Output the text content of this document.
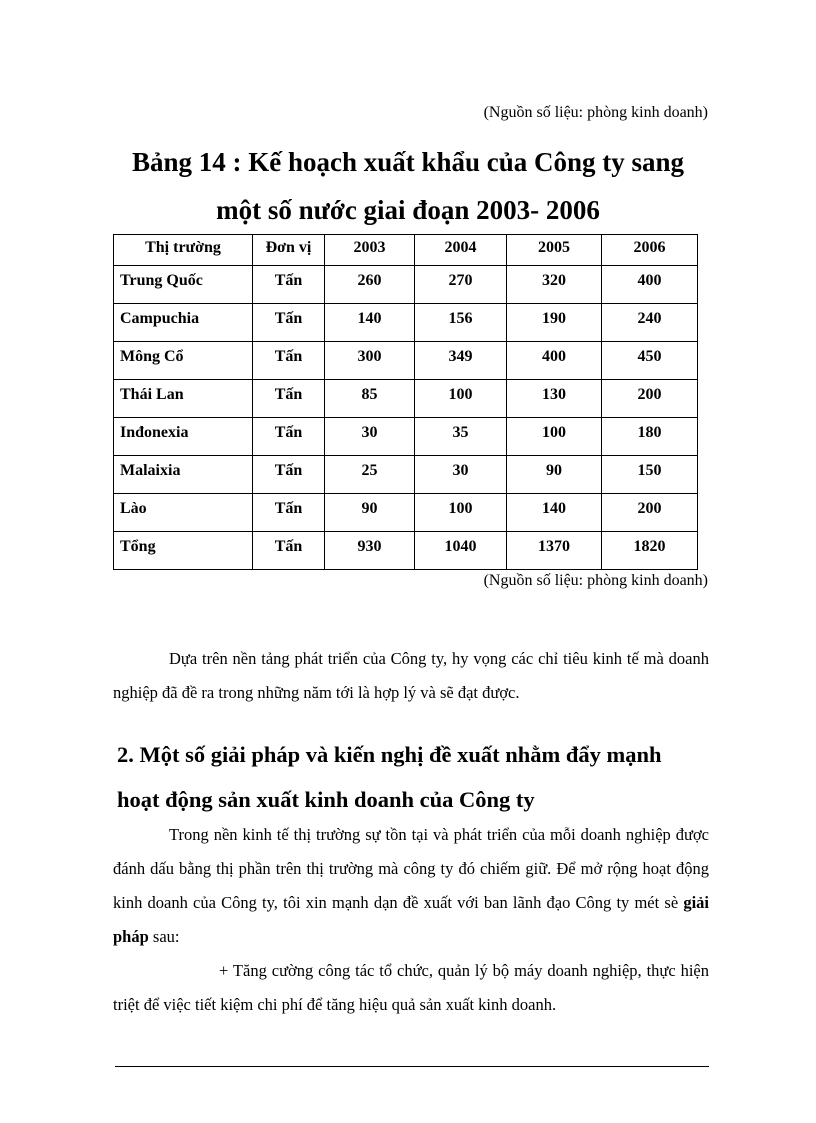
(Nguồn số liệu: phòng kinh doanh)
Bảng 14 : Kế hoạch xuất khẩu của Công ty sang
một số nước giai đoạn 2003- 2006
Thị trường	Đơn vị	2003	2004	2005	2006
Trung Quốc	Tấn	260	270	320	400
Campuchia	Tấn	140	156	190	240
Mông Cổ	Tấn	300	349	400	450
Thái Lan	Tấn	85	100	130	200
Inđonexia	Tấn	30	35	100	180
Malaixia	Tấn	25	30	90	150
Lào	Tấn	90	100	140	200
Tổng	Tấn	930	1040	1370	1820
(Nguồn số liệu: phòng kinh doanh)

Dựa trên nền tảng phát triển của Công ty, hy vọng các chỉ tiêu kinh tế mà doanh nghiệp đã đề ra trong những năm tới là hợp lý và sẽ đạt được.

2. Một số giải pháp và kiến nghị đề xuất nhằm đẩy mạnh
hoạt động sản xuất kinh doanh của Công ty

Trong nền kinh tế thị trường sự tồn tại và phát triển của mỗi doanh nghiệp được đánh dấu bằng thị phần trên thị trường mà công ty đó chiếm giữ. Để mở rộng hoạt động kinh doanh của Công ty, tôi xin mạnh dạn đề xuất với ban lãnh đạo Công ty mét sè giải pháp sau:

+ Tăng cường công tác tổ chức, quản lý bộ máy doanh nghiệp, thực hiện triệt để việc tiết kiệm chi phí để tăng hiệu quả sản xuất kinh doanh.
